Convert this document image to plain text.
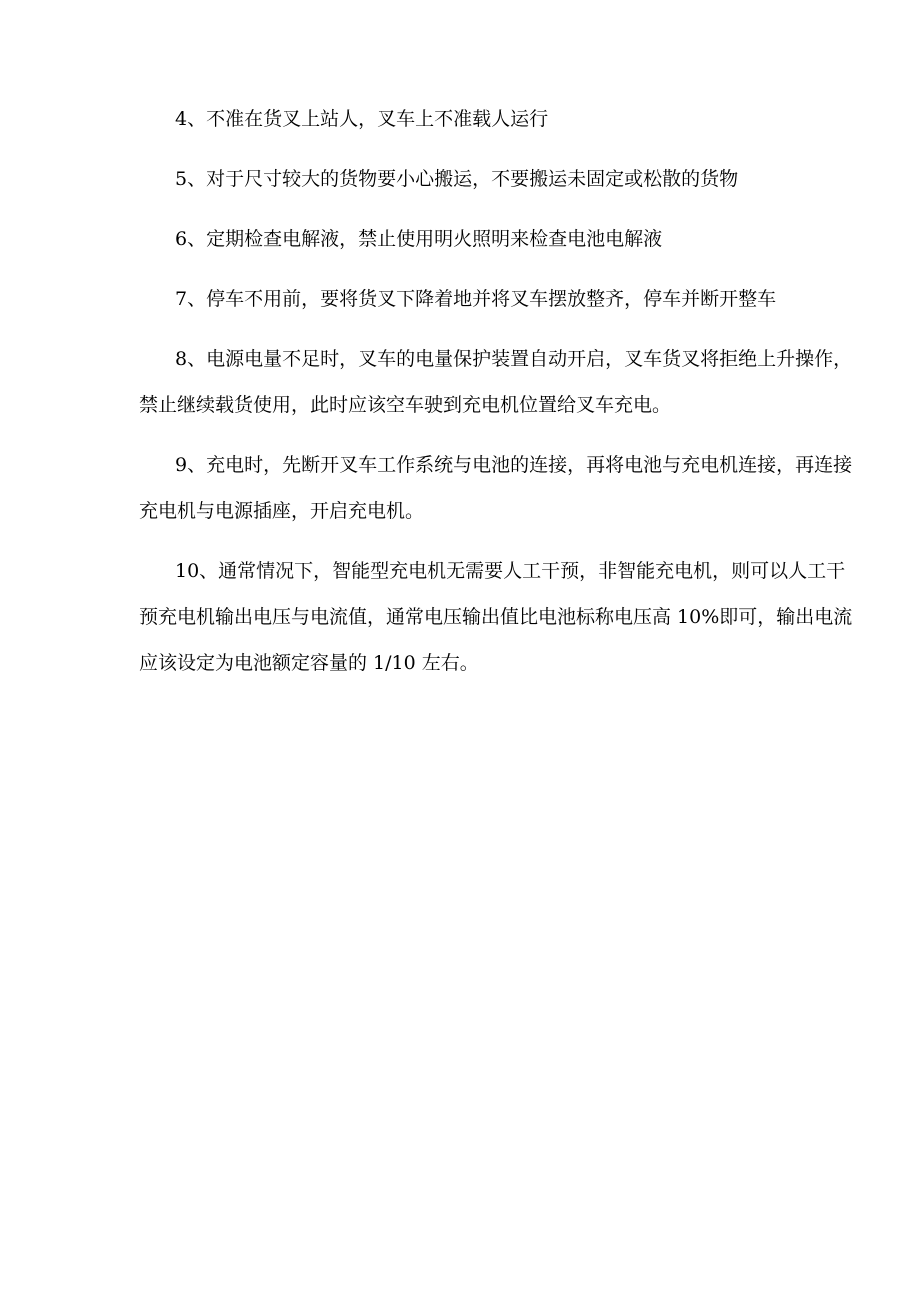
4、不准在货叉上站人，叉车上不准载人运行

5、对于尺寸较大的货物要小心搬运，不要搬运未固定或松散的货物

6、定期检查电解液，禁止使用明火照明来检查电池电解液

7、停车不用前，要将货叉下降着地并将叉车摆放整齐，停车并断开整车

8、电源电量不足时，叉车的电量保护装置自动开启，叉车货叉将拒绝上升操作，禁止继续载货使用，此时应该空车驶到充电机位置给叉车充电。

9、充电时，先断开叉车工作系统与电池的连接，再将电池与充电机连接，再连接充电机与电源插座，开启充电机。

10、通常情况下，智能型充电机无需要人工干预，非智能充电机，则可以人工干预充电机输出电压与电流值，通常电压输出值比电池标称电压高 10%即可，输出电流应该设定为电池额定容量的 1/10 左右。
